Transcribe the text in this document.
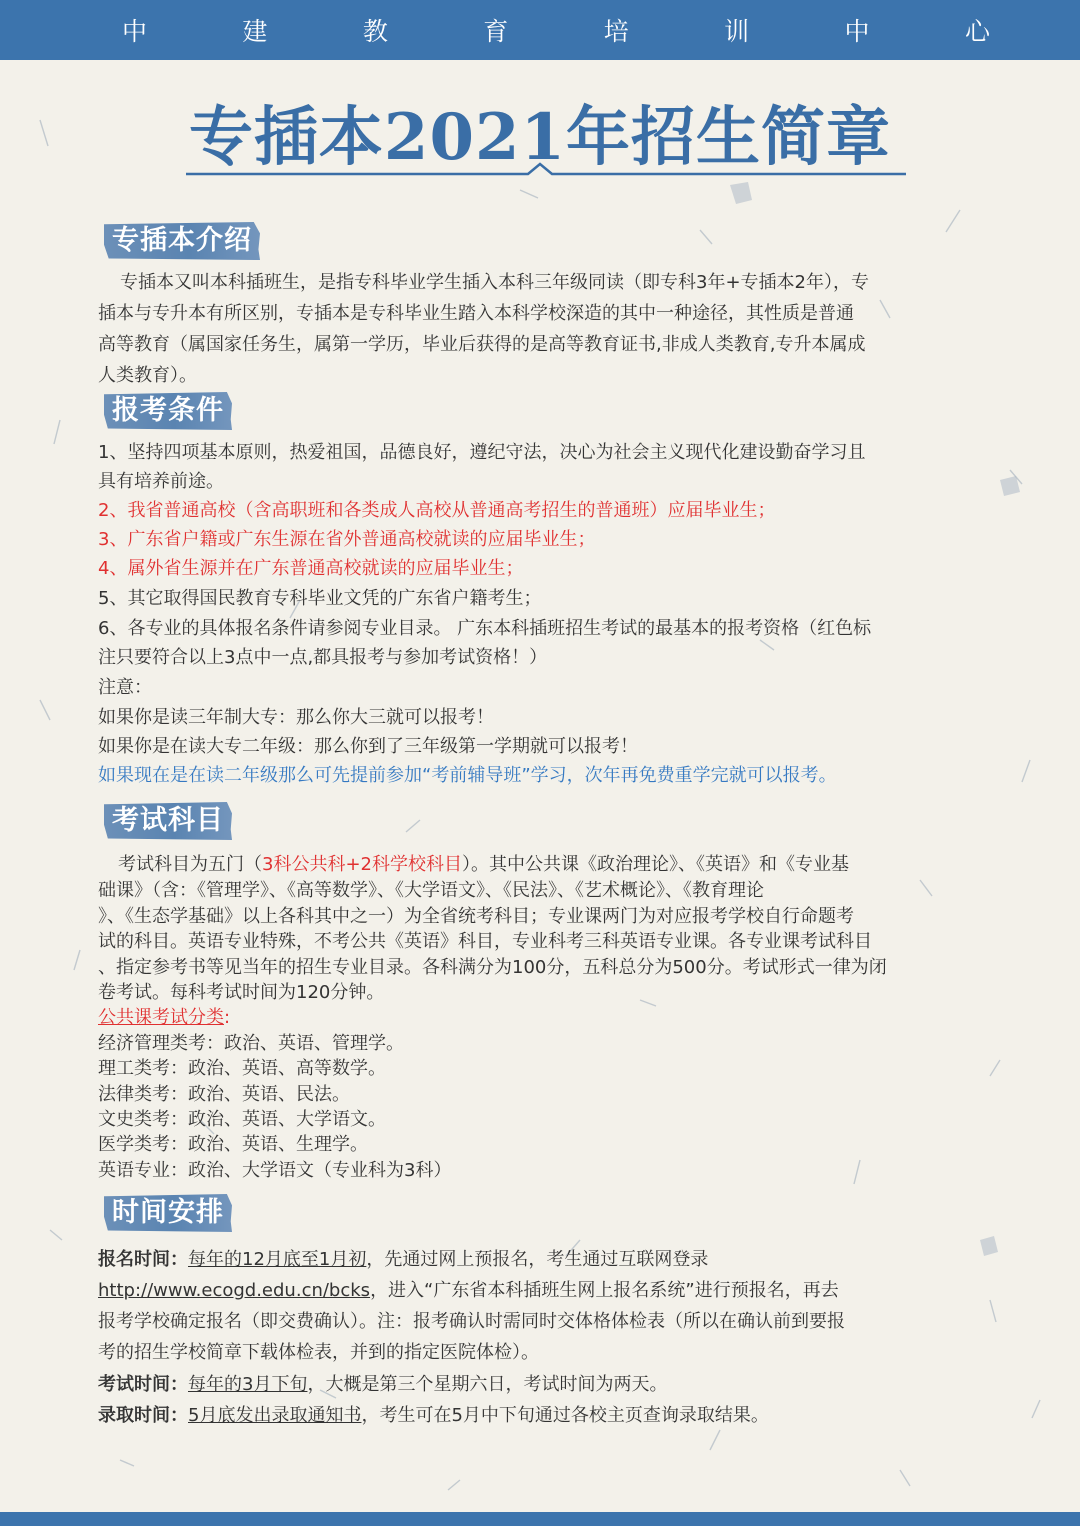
中	建	教	育	培	训	中	心
专插本2021年招生简章
专插本介绍
专插本又叫本科插班生，是指专科毕业学生插入本科三年级同读（即专科3年+专插本2年），专
插本与专升本有所区别，专插本是专科毕业生踏入本科学校深造的其中一种途径，其性质是普通
高等教育（属国家任务生，属第一学历，毕业后获得的是高等教育证书,非成人类教育,专升本属成
人类教育）。
报考条件
1、坚持四项基本原则，热爱祖国，品德良好，遵纪守法，决心为社会主义现代化建设勤奋学习且
具有培养前途。
2、我省普通高校（含高职班和各类成人高校从普通高考招生的普通班）应届毕业生；
3、广东省户籍或广东生源在省外普通高校就读的应届毕业生；
4、属外省生源并在广东普通高校就读的应届毕业生；
5、其它取得国民教育专科毕业文凭的广东省户籍考生；
6、各专业的具体报名条件请参阅专业目录。 广东本科插班招生考试的最基本的报考资格（红色标
注只要符合以上3点中一点,都具报考与参加考试资格！）
注意：
如果你是读三年制大专：那么你大三就可以报考！
如果你是在读大专二年级：那么你到了三年级第一学期就可以报考！
如果现在是在读二年级那么可先提前参加“考前辅导班”学习，次年再免费重学完就可以报考。
考试科目
考试科目为五门（3科公共科+2科学校科目）。其中公共课《政治理论》、《英语》和《专业基
础课》（含：《管理学》、《高等数学》、《大学语文》、《民法》、《艺术概论》、《教育理论
》、《生态学基础》以上各科其中之一）为全省统考科目；专业课两门为对应报考学校自行命题考
试的科目。英语专业特殊，不考公共《英语》科目，专业科考三科英语专业课。各专业课考试科目
、指定参考书等见当年的招生专业目录。各科满分为100分，五科总分为500分。考试形式一律为闭
卷考试。每科考试时间为120分钟。
公共课考试分类:
经济管理类考：政治、英语、管理学。
理工类考：政治、英语、高等数学。
法律类考：政治、英语、民法。
文史类考：政治、英语、大学语文。
医学类考：政治、英语、生理学。
英语专业：政治、大学语文（专业科为3科）
时间安排
报名时间：每年的12月底至1月初，先通过网上预报名，考生通过互联网登录
http://www.ecogd.edu.cn/bcks，进入“广东省本科插班生网上报名系统”进行预报名，再去
报考学校确定报名（即交费确认）。注：报考确认时需同时交体格体检表（所以在确认前到要报
考的招生学校简章下载体检表，并到的指定医院体检）。
考试时间：每年的3月下旬，大概是第三个星期六日，考试时间为两天。
录取时间：5月底发出录取通知书，考生可在5月中下旬通过各校主页查询录取结果。
